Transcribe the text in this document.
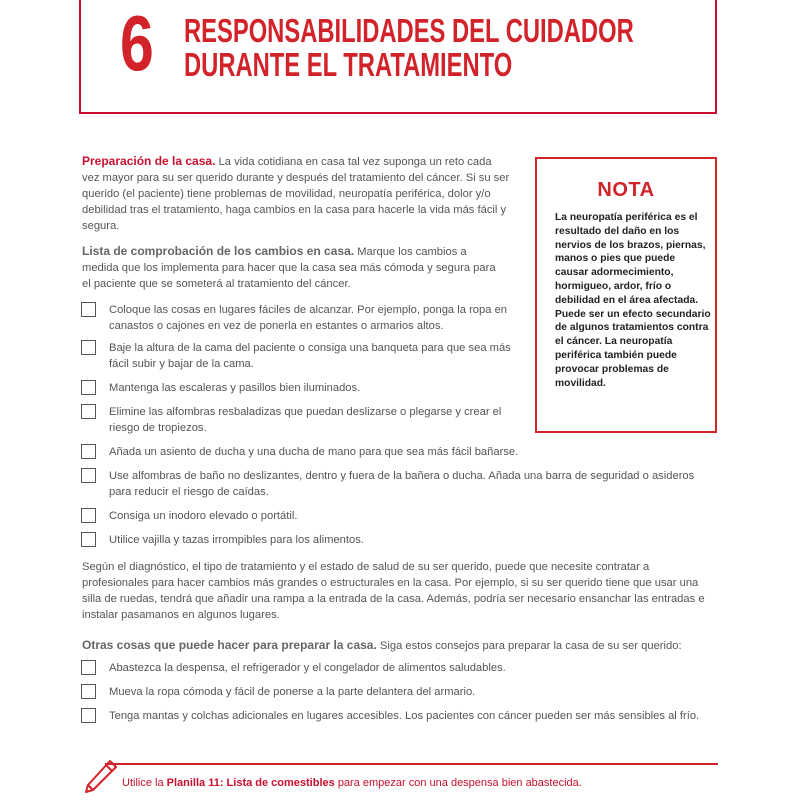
6 RESPONSABILIDADES DEL CUIDADOR
DURANTE EL TRATAMIENTO
NOTA

La neuropatía periférica es el resultado del daño en los nervios de los brazos, piernas, manos o pies que puede causar adormecimiento, hormigueo, ardor, frío o debilidad en el área afectada. Puede ser un efecto secundario de algunos tratamientos contra el cáncer. La neuropatía periférica también puede provocar problemas de movilidad.

Preparación de la casa. La vida cotidiana en casa tal vez suponga un reto cada vez mayor para su ser querido durante y después del tratamiento del cáncer. Si su ser querido (el paciente) tiene problemas de movilidad, neuropatía periférica, dolor y/o debilidad tras el tratamiento, haga cambios en la casa para hacerle la vida más fácil y segura.

Lista de comprobación de los cambios en casa. Marque los cambios a medida que los implementa para hacer que la casa sea más cómoda y segura para el paciente que se someterá al tratamiento del cáncer.

Coloque las cosas en lugares fáciles de alcanzar. Por ejemplo, ponga la ropa en canastos o cajones en vez de ponerla en estantes o armarios altos.
Baje la altura de la cama del paciente o consiga una banqueta para que sea más fácil subir y bajar de la cama.
Mantenga las escaleras y pasillos bien iluminados.
Elimine las alfombras resbaladizas que puedan deslizarse o plegarse y crear el riesgo de tropiezos.
Añada un asiento de ducha y una ducha de mano para que sea más fácil bañarse.
Use alfombras de baño no deslizantes, dentro y fuera de la bañera o ducha. Añada una barra de seguridad o asideros para reducir el riesgo de caídas.
Consiga un inodoro elevado o portátil.
Utilice vajilla y tazas irrompibles para los alimentos.

Según el diagnóstico, el tipo de tratamiento y el estado de salud de su ser querido, puede que necesite contratar a profesionales para hacer cambios más grandes o estructurales en la casa. Por ejemplo, si su ser querido tiene que usar una silla de ruedas, tendrá que añadir una rampa a la entrada de la casa. Además, podría ser necesario ensanchar las entradas e instalar pasamanos en algunos lugares.

Otras cosas que puede hacer para preparar la casa. Siga estos consejos para preparar la casa de su ser querido:

Abastezca la despensa, el refrigerador y el congelador de alimentos saludables.
Mueva la ropa cómoda y fácil de ponerse a la parte delantera del armario.
Tenga mantas y colchas adicionales en lugares accesibles. Los pacientes con cáncer pueden ser más sensibles al frío.
Utilice la Planilla 11: Lista de comestibles para empezar con una despensa bien abastecida.
